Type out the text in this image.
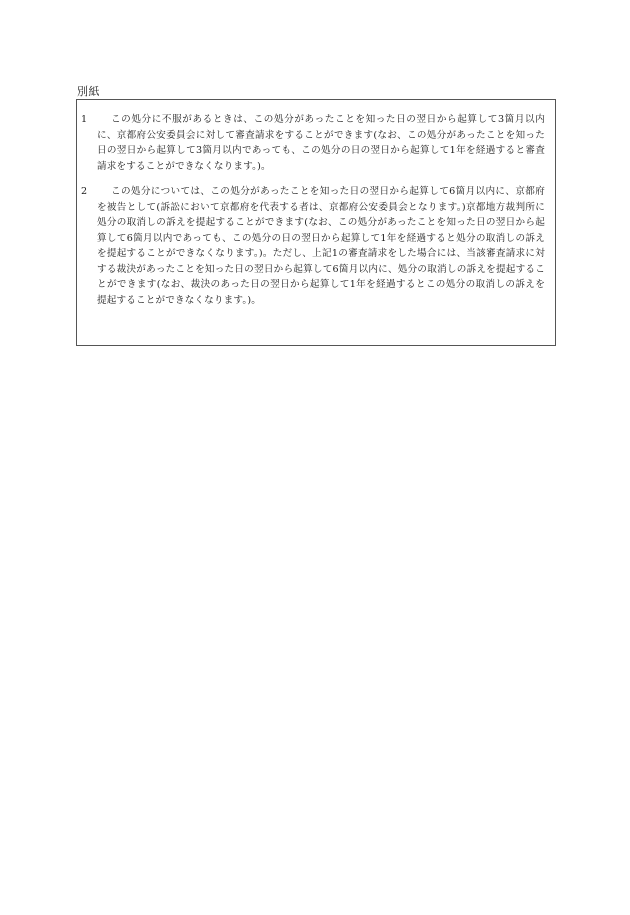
別紙

1	この処分に不服があるときは、この処分があったことを知った日の翌日から起算して3箇月以内に、京都府公安委員会に対して審査請求をすることができます(なお、この処分があったことを知った日の翌日から起算して3箇月以内であっても、この処分の日の翌日から起算して1年を経過すると審査請求をすることができなくなります。)。

2	この処分については、この処分があったことを知った日の翌日から起算して6箇月以内に、京都府を被告として(訴訟において京都府を代表する者は、京都府公安委員会となります。)京都地方裁判所に処分の取消しの訴えを提起することができます(なお、この処分があったことを知った日の翌日から起算して6箇月以内であっても、この処分の日の翌日から起算して1年を経過すると処分の取消しの訴えを提起することができなくなります。)。ただし、上記1の審査請求をした場合には、当該審査請求に対する裁決があったことを知った日の翌日から起算して6箇月以内に、処分の取消しの訴えを提起することができます(なお、裁決のあった日の翌日から起算して1年を経過するとこの処分の取消しの訴えを提起することができなくなります。)。
